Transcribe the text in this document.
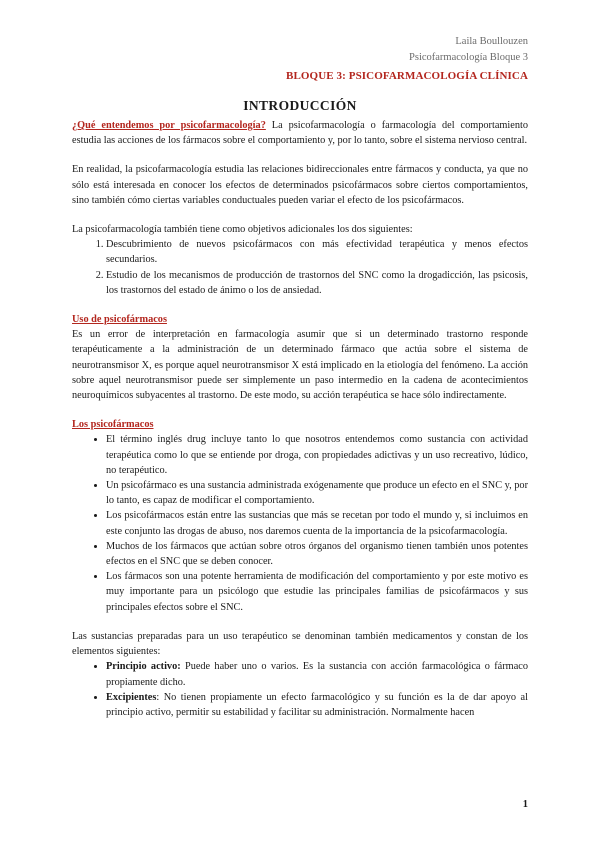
Laila Boullouzen
Psicofarmacología Bloque 3
BLOQUE 3: PSICOFARMACOLOGÍA CLÍNICA
INTRODUCCIÓN

¿Qué entendemos por psicofarmacología? La psicofarmacología o farmacología del comportamiento estudia las acciones de los fármacos sobre el comportamiento y, por lo tanto, sobre el sistema nervioso central.

En realidad, la psicofarmacología estudia las relaciones bidireccionales entre fármacos y conducta, ya que no sólo está interesada en conocer los efectos de determinados psicofármacos sobre ciertos comportamientos, sino también cómo ciertas variables conductuales pueden variar el efecto de los psicofármacos.

La psicofarmacología también tiene como objetivos adicionales los dos siguientes:

1. Descubrimiento de nuevos psicofármacos con más efectividad terapéutica y menos efectos secundarios.
2. Estudio de los mecanismos de producción de trastornos del SNC como la drogadicción, las psicosis, los trastornos del estado de ánimo o los de ansiedad.
Uso de psicofármacos

Es un error de interpretación en farmacología asumir que si un determinado trastorno responde terapéuticamente a la administración de un determinado fármaco que actúa sobre el sistema de neurotransmisor X, es porque aquel neurotransmisor X está implicado en la etiología del fenómeno. La acción sobre aquel neurotransmisor puede ser simplemente un paso intermedio en la cadena de acontecimientos neuroquímicos subyacentes al trastorno. De este modo, su acción terapéutica se hace sólo indirectamente.

Los psicofármacos
• El término inglés drug incluye tanto lo que nosotros entendemos como sustancia con actividad terapéutica como lo que se entiende por droga, con propiedades adictivas y un uso recreativo, lúdico, no terapéutico.
• Un psicofármaco es una sustancia administrada exógenamente que produce un efecto en el SNC y, por lo tanto, es capaz de modificar el comportamiento.
• Los psicofármacos están entre las sustancias que más se recetan por todo el mundo y, si incluimos en este conjunto las drogas de abuso, nos daremos cuenta de la importancia de la psicofarmacología.
• Muchos de los fármacos que actúan sobre otros órganos del organismo tienen también unos potentes efectos en el SNC que se deben conocer.
• Los fármacos son una potente herramienta de modificación del comportamiento y por este motivo es muy importante para un psicólogo que estudie las principales familias de psicofármacos y sus principales efectos sobre el SNC.

Las sustancias preparadas para un uso terapéutico se denominan también medicamentos y constan de los elementos siguientes:

• Principio activo: Puede haber uno o varios. Es la sustancia con acción farmacológica o fármaco propiamente dicho.
• Excipientes: No tienen propiamente un efecto farmacológico y su función es la de dar apoyo al principio activo, permitir su estabilidad y facilitar su administración. Normalmente hacen
1
